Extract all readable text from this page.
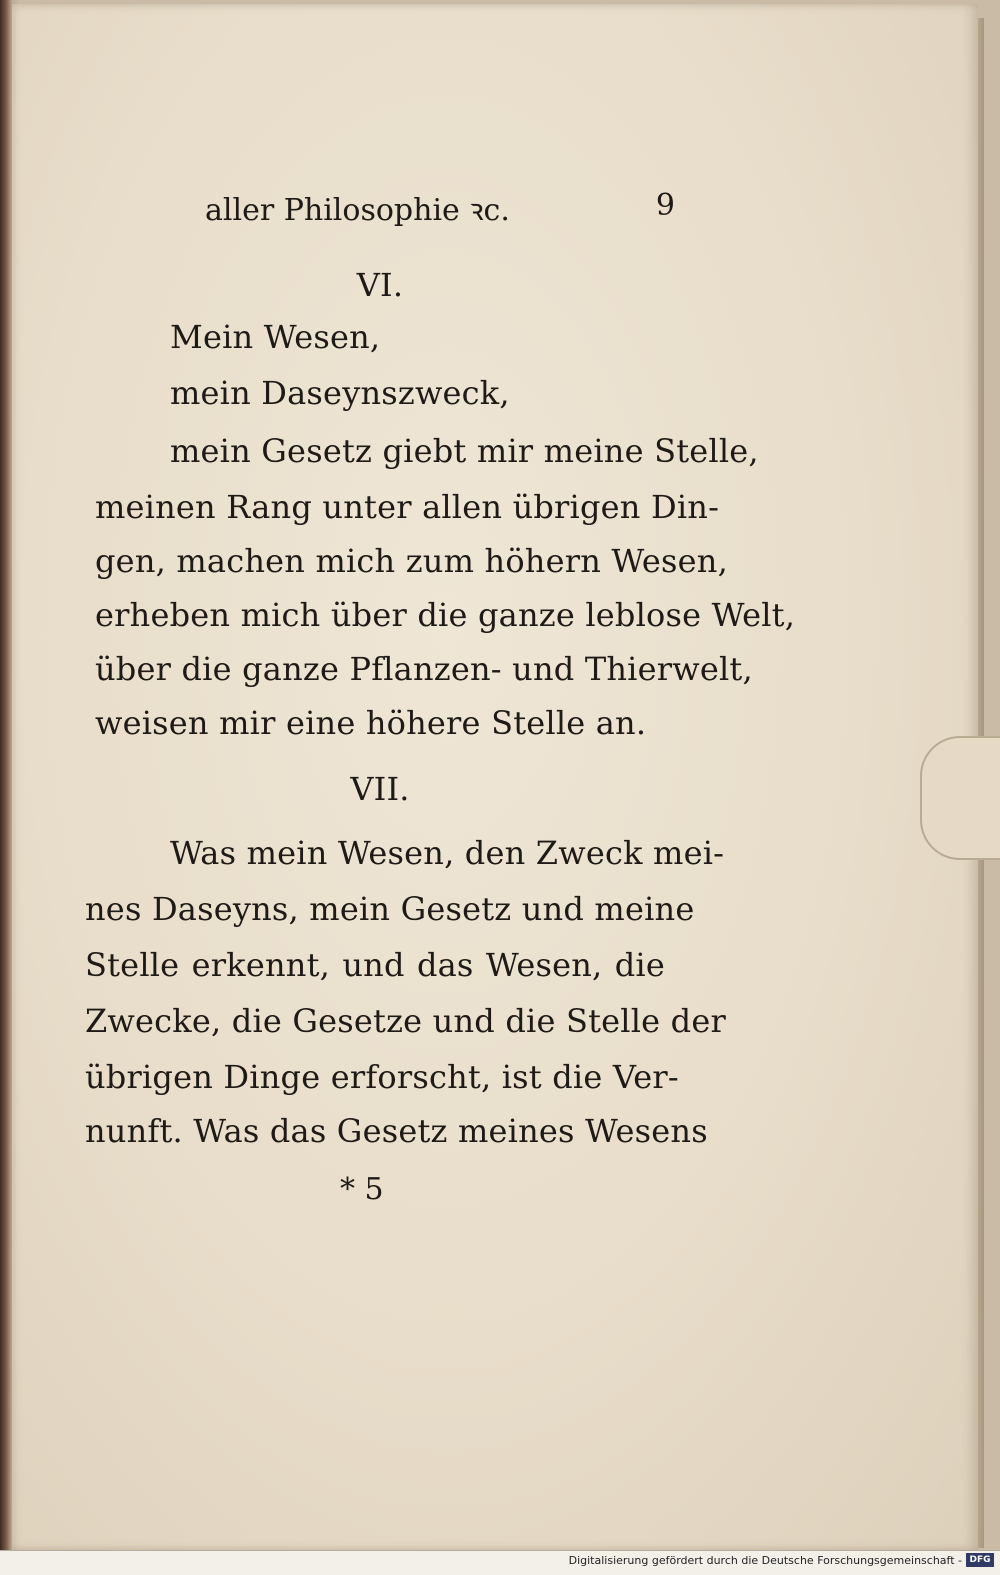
aller Philosophie ꝛc.	9
VI.
Mein Wesen,
mein Daseynszweck,
mein Gesetz giebt mir meine Stelle,
meinen Rang unter allen übrigen Din-
gen, machen mich zum höhern Wesen,
erheben mich über die ganze leblose Welt,
über die ganze Pflanzen- und Thierwelt,
weisen mir eine höhere Stelle an.
VII.
Was mein Wesen, den Zweck mei-
nes Daseyns, mein Gesetz und meine
Stelle erkennt, und das Wesen, die
Zwecke, die Gesetze und die Stelle der
übrigen Dinge erforscht, ist die Ver-
nunft. Was das Gesetz meines Wesens
* 5
Digitalisierung gefördert durch die Deutsche Forschungsgemeinschaft - DFG
